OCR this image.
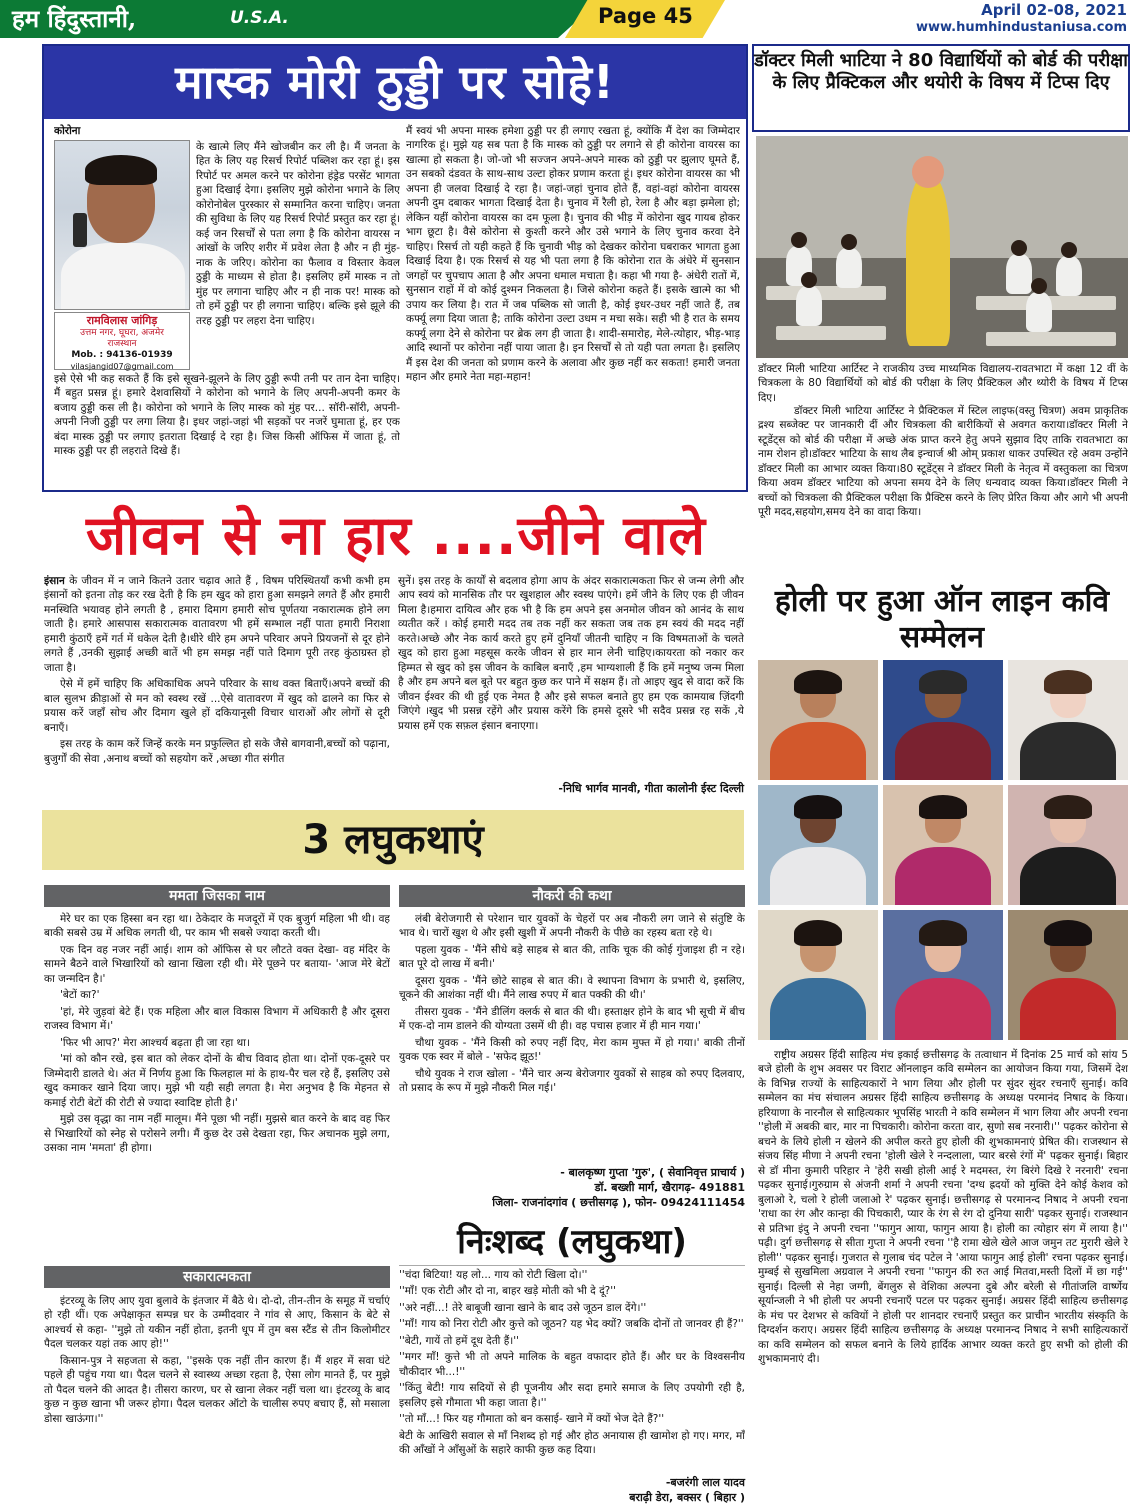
हम हिंदुस्तानी,	U.S.A.	Page 45	April 02-08, 2021
www.humhindustaniusa.com
मास्क मोरी ठुड्डी पर सोहे!

कोरोना

रामविलास जांगिड़
उत्तम नगर, घूघरा, अजमेर
राजस्थान
Mob. : 94136-01939
vilasjangid07@gmail.com

के खात्मे लिए मैंने खोजबीन कर ली है। मैं जनता के हित के लिए यह रिसर्च रिपोर्ट पब्लिश कर रहा हूं। इस रिपोर्ट पर अमल करने पर कोरोना हंड्रेड परसेंट भागता हुआ दिखाई देगा। इसलिए मुझे कोरोना भगाने के लिए कोरोनोबेल पुरस्कार से सम्मानित करना चाहिए। जनता की सुविधा के लिए यह रिसर्च रिपोर्ट प्रस्तुत कर रहा हूं। कई जन रिसर्चों से पता लगा है कि कोरोना वायरस न आंखों के जरिए शरीर में प्रवेश लेता है और न ही मुंह-नाक के जरिए। कोरोना का फैलाव व विस्तार केवल ठुड्डी के माध्यम से होता है। इसलिए हमें मास्क न तो मुंह पर लगाना चाहिए और न ही नाक पर! मास्क को तो हमें ठुड्डी पर ही लगाना चाहिए। बल्कि इसे झूले की तरह ठुड्डी पर लहरा देना चाहिए।

इसे ऐसे भी कह सकते हैं कि इसे सूखने-झूलने के लिए ठुड्डी रूपी तनी पर तान देना चाहिए। मैं बहुत प्रसन्न हूं। हमारे देशवासियों ने कोरोना को भगाने के लिए अपनी-अपनी कमर के बजाय ठुड्डी कस ली है। कोरोना को भगाने के लिए मास्क को मुंह पर... सॉरी-सॉरी, अपनी-अपनी निजी ठुड्डी पर लगा लिया है। इधर जहां-जहां भी सड़कों पर नजरें घुमाता हूं, हर एक बंदा मास्क ठुड्डी पर लगाए इतराता दिखाई दे रहा है। जिस किसी ऑफिस में जाता हूं, तो मास्क ठुड्डी पर ही लहराते दिखे हैं।

मैं स्वयं भी अपना मास्क हमेशा ठुड्डी पर ही लगाए रखता हूं, क्योंकि मैं देश का जिम्मेदार नागरिक हूं। मुझे यह सब पता है कि मास्क को ठुड्डी पर लगाने से ही कोरोना वायरस का खात्मा हो सकता है। जो-जो भी सज्जन अपने-अपने मास्क को ठुड्डी पर झुलाए घूमते हैं, उन सबको दंडवत के साथ-साथ उल्टा होकर प्रणाम करता हूं। इधर कोरोना वायरस का भी अपना ही जलवा दिखाई दे रहा है। जहां-जहां चुनाव होते हैं, वहां-वहां कोरोना वायरस अपनी दुम दबाकर भागता दिखाई देता है। चुनाव में रैली हो, रेला है और बड़ा झमेला हो; लेकिन यहीं कोरोना वायरस का दम फूला है। चुनाव की भीड़ में कोरोना खुद गायब होकर भाग छूटा है। वैसे कोरोना से कुश्ती करने और उसे भगाने के लिए चुनाव करवा देने चाहिए। रिसर्च तो यही कहते हैं कि चुनावी भीड़ को देखकर कोरोना घबराकर भागता हुआ दिखाई दिया है। एक रिसर्च से यह भी पता लगा है कि कोरोना रात के अंधेरे में सुनसान जगहों पर चुपचाप आता है और अपना धमाल मचाता है। कहा भी गया है- अंधेरी रातों में, सुनसान राहों में वो कोई दुश्मन निकलता है। जिसे कोरोना कहते हैं। इसके खात्मे का भी उपाय कर लिया है। रात में जब पब्लिक सो जाती है, कोई इधर-उधर नहीं जाते हैं, तब कर्फ्यू लगा दिया जाता है; ताकि कोरोना उल्टा उधम न मचा सके। सही भी है रात के समय कर्फ्यू लगा देने से कोरोना पर ब्रेक लग ही जाता है। शादी-समारोह, मेले-त्योहार, भीड़-भाड़ आदि स्थानों पर कोरोना नहीं पाया जाता है। इन रिसर्चों से तो यही पता लगता है। इसलिए मैं इस देश की जनता को प्रणाम करने के अलावा और कुछ नहीं कर सकता! हमारी जनता महान और हमारे नेता महा-महान!

डॉक्टर मिली भाटिया ने 80 विद्यार्थियों को बोर्ड की परीक्षा के लिए प्रैक्टिकल और थयोरी के विषय में टिप्स दिए

डॉक्टर मिली भाटिया आर्टिस्ट ने राजकीय उच्च माध्यमिक विद्यालय-रावतभाटा में कक्षा 12 वीं के चित्रकला के 80 विद्यार्थियों को बोर्ड की परीक्षा के लिए प्रैक्टिकल और थ्योरी के विषय में टिप्स दिए।

डॉक्टर मिली भाटिया आर्टिस्ट ने प्रैक्टिकल में स्टिल लाइफ(वस्तु चित्रण) अवम प्राकृतिक द्रश्य सब्जेक्ट पर जानकारी दीं और चित्रकला की बारीकियों से अवगत कराया।डॉक्टर मिली ने स्टूडेंट्स को बोर्ड की परीक्षा में अच्छे अंक प्राप्त करने हेतु अपने सुझाव दिए ताकि रावतभाटा का नाम रोशन हो।डॉक्टर भाटिया के साथ लैब इन्चार्ज श्री ओम् प्रकाश धाकर उपस्थित रहे अवम उन्होंने डॉक्टर मिली का आभार व्यक्त किया।80 स्टूडेंट्स ने डॉक्टर मिली के नेतृत्व में वस्तुकला का चित्रण किया अवम डॉक्टर भाटिया को अपना समय देने के लिए धन्यवाद व्यक्त किया।डॉक्टर मिली ने बच्चों को चित्रकला की प्रैक्टिकल परीक्षा कि प्रैक्टिस करने के लिए प्रेरित किया और आगे भी अपनी पूरी मदद,सहयोग,समय देने का वादा किया।

जीवन से ना हार ....जीने वाले

इंसान के जीवन में न जाने कितने उतार चढ़ाव आते हैं , विषम परिस्थितयाँ कभी कभी हम इंसानों को इतना तोड़ कर रख देती है कि हम खुद को हारा हुआ समझने लगते हैं और हमारी मनस्थिति भयावह होने लगती है , हमारा दिमाग हमारी सोच पूर्णतया नकारात्मक होने लग जाती है। हमारे आसपास सकारात्मक वातावरण भी हमें सम्भाल नहीं पाता हमारी निराशा हमारी कुंठाएँ हमें गर्त में धकेल देती है।धीरे धीरे हम अपने परिवार अपने प्रियजनों से दूर होने लगते हैं ,उनकी सुझाई अच्छी बातें भी हम समझ नहीं पाते दिमाग पूरी तरह कुंठाग्रस्त हो जाता है।

ऐसे में हमें चाहिए कि अधिकाधिक अपने परिवार के साथ वक्त बिताएँ।अपने बच्चों की बाल सुलभ क्रीड़ाओं से मन को स्वस्थ रखें ...ऐसे वातावरण में खुद को ढालने का फिर से प्रयास करें जहाँ सोच और दिमाग खुले हों दकियानूसी विचार धाराओं और लोगों से दूरी बनाएँ।

इस तरह के काम करें जिन्हें करके मन प्रफुल्लित हो सके जैसे बागवानी,बच्चों को पढ़ाना, बुजुर्गों की सेवा ,अनाथ बच्चों को सहयोग करें ,अच्छा गीत संगीत

सुनें। इस तरह के कार्यों से बदलाव होगा आप के अंदर सकारात्मकता फिर से जन्म लेगी और आप स्वयं को मानसिक तौर पर खुशहाल और स्वस्थ पाएंगे। हमें जीने के लिए एक ही जीवन मिला है।हमारा दायित्व और हक भी है कि हम अपने इस अनमोल जीवन को आनंद के साथ व्यतीत करें । कोई हमारी मदद तब तक नहीं कर सकता जब तक हम स्वयं की मदद नहीं करते।अच्छे और नेक कार्य करते हुए हमें दुनियाँ जीतनी चाहिए न कि विषमताओं के चलते खुद को हारा हुआ महसूस करके जीवन से हार मान लेनी चाहिए।कायरता को नकार कर हिम्मत से खुद को इस जीवन के काबिल बनाएँ ,हम भाग्यशाली हैं कि हमें मनुष्य जन्म मिला है और हम अपने बल बूते पर बहुत कुछ कर पाने में सक्षम हैं। तो आइए खुद से वादा करें कि जीवन ईश्वर की थी हुई एक नेमत है और इसे सफल बनाते हुए हम एक कामयाब ज़िंदगी जिएंगे ।खुद भी प्रसन्न रहेंगे और प्रयास करेंगे कि हमसे दूसरे भी सदैव प्रसन्न रह सकें ,ये प्रयास हमें एक सफ़ल इंसान बनाएगा।

-निधि भार्गव मानवी, गीता कालोनी ईस्ट दिल्ली
3 लघुकथाएं
ममता जिसका नाम

मेरे घर का एक हिस्सा बन रहा था। ठेकेदार के मजदूरों में एक बुजुर्ग महिला भी थी। वह बाकी सबसे उम्र में अधिक लगती थी, पर काम भी सबसे ज्यादा करती थी।

एक दिन वह नजर नहीं आई। शाम को ऑफिस से घर लौटते वक्त देखा- वह मंदिर के सामने बैठने वाले भिखारियों को खाना खिला रही थी। मेरे पूछने पर बताया- 'आज मेरे बेटों का जन्मदिन है।'

'बेटों का?'

'हां, मेरे जुड़वां बेटे हैं। एक महिला और बाल विकास विभाग में अधिकारी है और दूसरा राजस्व विभाग में।'

'फिर भी आप?' मेरा आश्चर्य बढ़ता ही जा रहा था।

'मां को कौन रखे, इस बात को लेकर दोनों के बीच विवाद होता था। दोनों एक-दूसरे पर जिम्मेदारी डालते थे। अंत में निर्णय हुआ कि फिलहाल मां के हाथ-पैर चल रहे हैं, इसलिए उसे खुद कमाकर खाने दिया जाए। मुझे भी यही सही लगता है। मेरा अनुभव है कि मेहनत से कमाई रोटी बेटों की रोटी से ज्यादा स्वादिष्ट होती है।'

मुझे उस वृद्धा का नाम नहीं मालूम। मैंने पूछा भी नहीं। मुझसे बात करने के बाद वह फिर से भिखारियों को स्नेह से परोसने लगी। मैं कुछ देर उसे देखता रहा, फिर अचानक मुझे लगा, उसका नाम 'ममता' ही होगा।

सकारात्मकता

इंटरव्यू के लिए आए युवा बुलावे के इंतजार में बैठे थे। दो-दो, तीन-तीन के समूह में चर्चाएं हो रही थीं। एक अपेक्षाकृत सम्पन्न घर के उम्मीदवार ने गांव से आए, किसान के बेटे से आश्चर्य से कहा- ''मुझे तो यकीन नहीं होता, इतनी धूप में तुम बस स्टैंड से तीन किलोमीटर पैदल चलकर यहां तक आए हो!''

किसान-पुत्र ने सहजता से कहा, ''इसके एक नहीं तीन कारण हैं। मैं शहर में सवा घंटे पहले ही पहुंच गया था। पैदल चलने से स्वास्थ्य अच्छा रहता है, ऐसा लोग मानते हैं, पर मुझे तो पैदल चलने की आदत है। तीसरा कारण, घर से खाना लेकर नहीं चला था। इंटरव्यू के बाद कुछ न कुछ खाना भी जरूर होगा। पैदल चलकर ऑटो के चालीस रुपए बचाए हैं, सो मसाला डोसा खाऊंगा।''

नौकरी की कथा

लंबी बेरोजगारी से परेशान चार युवकों के चेहरों पर अब नौकरी लग जाने से संतुष्टि के भाव थे। चारों खुश थे और इसी खुशी में अपनी नौकरी के पीछे का रहस्य बता रहे थे।

पहला युवक - 'मैंने सीधे बड़े साहब से बात की, ताकि चूक की कोई गुंजाइश ही न रहे। बात पूरे दो लाख में बनी।'

दूसरा युवक - 'मैंने छोटे साहब से बात की। वे स्थापना विभाग के प्रभारी थे, इसलिए, चूकने की आशंका नहीं थी। मैंने लाख रुपए में बात पक्की की थी।'

तीसरा युवक - 'मैंने डीलिंग क्लर्क से बात की थी। हस्ताक्षर होने के बाद भी सूची में बीच में एक-दो नाम डालने की योग्यता उसमें थी ही। वह पचास हजार में ही मान गया।'

चौथा युवक - 'मैंने किसी को रुपए नहीं दिए, मेरा काम मुफ्त में हो गया।' बाकी तीनों युवक एक स्वर में बोले - 'सफेद झूठ!'

चौथे युवक ने राज खोला - 'मैंने चार अन्य बेरोजगार युवकों से साहब को रुपए दिलवाए, तो प्रसाद के रूप में मुझे नौकरी मिल गई।'

- बालकृष्ण गुप्ता 'गुरु', ( सेवानिवृत्त प्राचार्य )
डॉ. बख्शी मार्ग, खैरागढ़- 491881
जिला- राजनांदगांव ( छत्तीसगढ़ ), फोन- 09424111454
निःशब्द (लघुकथा)

''चंदा बिटिया! यह लो... गाय को रोटी खिला दो।''

''माँ! एक रोटी और दो ना, बाहर खड़े मोती को भी दे दूं?''

''अरे नहीं...! तेरे बाबूजी खाना खाने के बाद उसे जूठन डाल देंगे।''

''माँ! गाय को निरा रोटी और कुत्ते को जूठन? यह भेद क्यों? जबकि दोनों तो जानवर ही हैं?''

''बेटी, गायें तो हमें दूध देती हैं।''

''मगर माँ! कुत्ते भी तो अपने मालिक के बहुत वफादार होते हैं। और घर के विश्वसनीय चौकीदार भी...!''

''किंतु बेटी! गाय सदियों से ही पूजनीय और सदा हमारे समाज के लिए उपयोगी रही है, इसलिए इसे गौमाता भी कहा जाता है।''

''तो माँ...! फिर यह गौमाता को बन कसाई- खाने में क्यों भेज देते हैं?''

बेटी के आखिरी सवाल से माँ निशब्द हो गई और होठ अनायास ही खामोश हो गए। मगर, माँ की आँखों ने आँसुओं के सहारे काफी कुछ कह दिया।

-बजरंगी लाल यादव
बराढ़ी डेरा, बक्सर ( बिहार )
होली पर हुआ ऑन लाइन कवि सम्मेलन

राष्ट्रीय अग्रसर हिंदी साहित्य मंच इकाई छत्तीसगढ़ के तत्वाधान में दिनांक 25 मार्च को सांय 5 बजे होली के शुभ अवसर पर विराट ऑनलाइन कवि सम्मेलन का आयोजन किया गया, जिसमें देश के विभिन्न राज्यों के साहित्यकारों ने भाग लिया और होली पर सुंदर सुंदर रचनाएँ सुनाई। कवि सम्मेलन का मंच संचालन अग्रसर हिंदी साहित्य छत्तीसगढ़ के अध्यक्ष परमानंद निषाद के किया। हरियाणा के नारनौल से साहित्यकार भूपसिंह भारती ने कवि सम्मेलन में भाग लिया और अपनी रचना ''होली में अबकी बार, मार ना पिचकारी। कोरोना करता वार, सुणो सब नरनारी।'' पढ़कर कोरोना से बचने के लिये होली न खेलने की अपील करते हुए होली की शुभकामनाएं प्रेषित की। राजस्थान से संजय सिंह मीणा ने अपनी रचना 'होली खेले रे नन्दलाला, प्यार बरसे रंगों में' पढ़कर सुनाई। बिहार से डॉ मीना कुमारी परिहार ने 'हेरी सखी होली आई रे मदमस्त, रंग बिरंगे दिखे रे नरनारी' रचना पढ़कर सुनाई।गुरुग्राम से अंजनी शर्मा ने अपनी रचना 'दग्ध ह्रदयों को मुक्ति देने कोई केशव को बुलाओ रे, चलो रे होली जलाओ रे' पढ़कर सुनाई। छत्तीसगढ़ से परमानन्द निषाद ने अपनी रचना 'राधा का रंग और कान्हा की पिचकारी, प्यार के रंग से रंग दो दुनिया सारी' पढ़कर सुनाई। राजस्थान से प्रतिभा इंदु ने अपनी रचना ''फागुन आया, फागुन आया है। होली का त्योहार संग में लाया है।'' पढ़ी। दुर्ग छत्तीसगढ़ से सीता गुप्ता ने अपनी रचना ''है रामा खेले खेले आज जमुन तट मुरारी खेले रे होली'' पढ़कर सुनाई। गुजरात से गुलाब चंद पटेल ने 'आया फागुन आई होली' रचना पढ़कर सुनाई। मुम्बई से सुखमिला अग्रवाल ने अपनी रचना ''फागुन की रुत आई मितवा,मस्ती दिलों में छा गई'' सुनाई। दिल्ली से नेहा जग्गी, बेंगलुरु से वेशिका अल्पना दुबे और बरेली से गीतांजलि वार्ष्णेय सूर्यान्जली ने भी होली पर अपनी रचनाएँ पटल पर पढ़कर सुनाई। अग्रसर हिंदी साहित्य छत्तीसगढ़ के मंच पर देशभर से कवियों ने होली पर शानदार रचनाएँ प्रस्तुत कर प्राचीन भारतीय संस्कृति के दिग्दर्शन कराए। अग्रसर हिंदी साहित्य छत्तीसगढ़ के अध्यक्ष परमानन्द निषाद ने सभी साहित्यकारों का कवि सम्मेलन को सफल बनाने के लिये हार्दिक आभार व्यक्त करते हुए सभी को होली की शुभकामनाएं दी।
